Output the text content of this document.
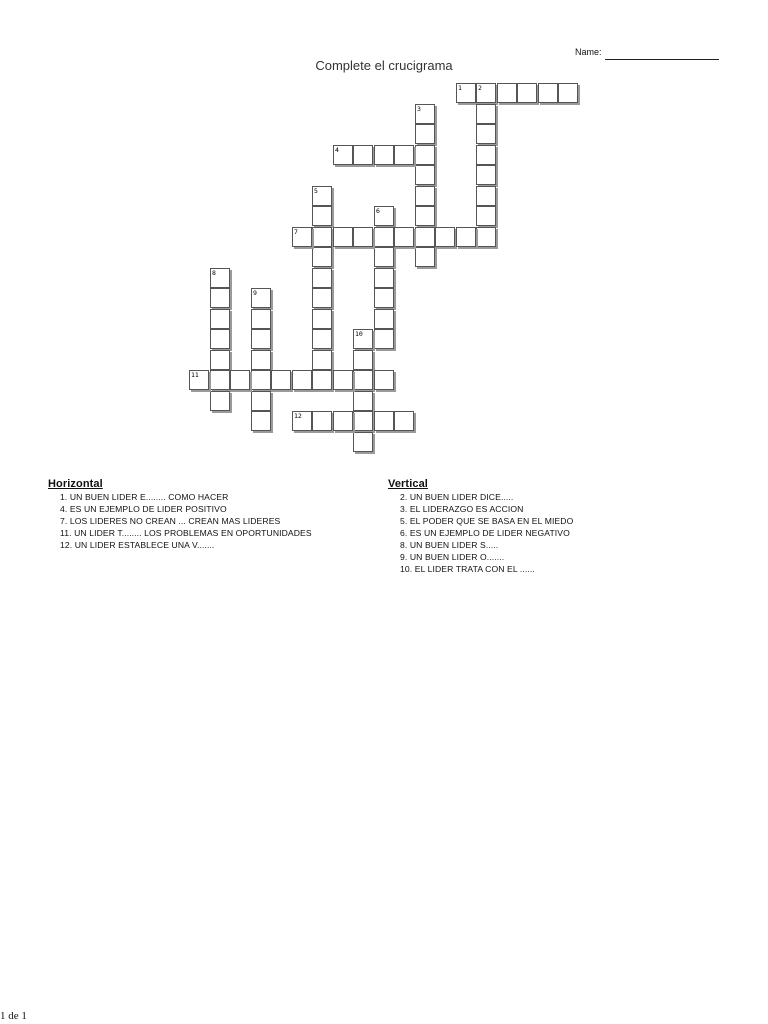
Name:
Complete el crucigrama
1 2
3
4
5
6
7
8
9
10
11
12
Horizontal
1. UN BUEN LIDER E........ COMO HACER
4. ES UN EJEMPLO DE LIDER POSITIVO
7. LOS LIDERES NO CREAN ... CREAN MAS LIDERES
11. UN LIDER T........ LOS PROBLEMAS EN OPORTUNIDADES
12. UN LIDER ESTABLECE UNA V.......
Vertical
2. UN BUEN LIDER DICE.....
3. EL LIDERAZGO ES ACCION
5. EL PODER QUE SE BASA EN EL MIEDO
6. ES UN EJEMPLO DE LIDER NEGATIVO
8. UN BUEN LIDER S.....
9. UN BUEN LIDER O.......
10. EL LIDER TRATA CON EL ......
1 de 1
